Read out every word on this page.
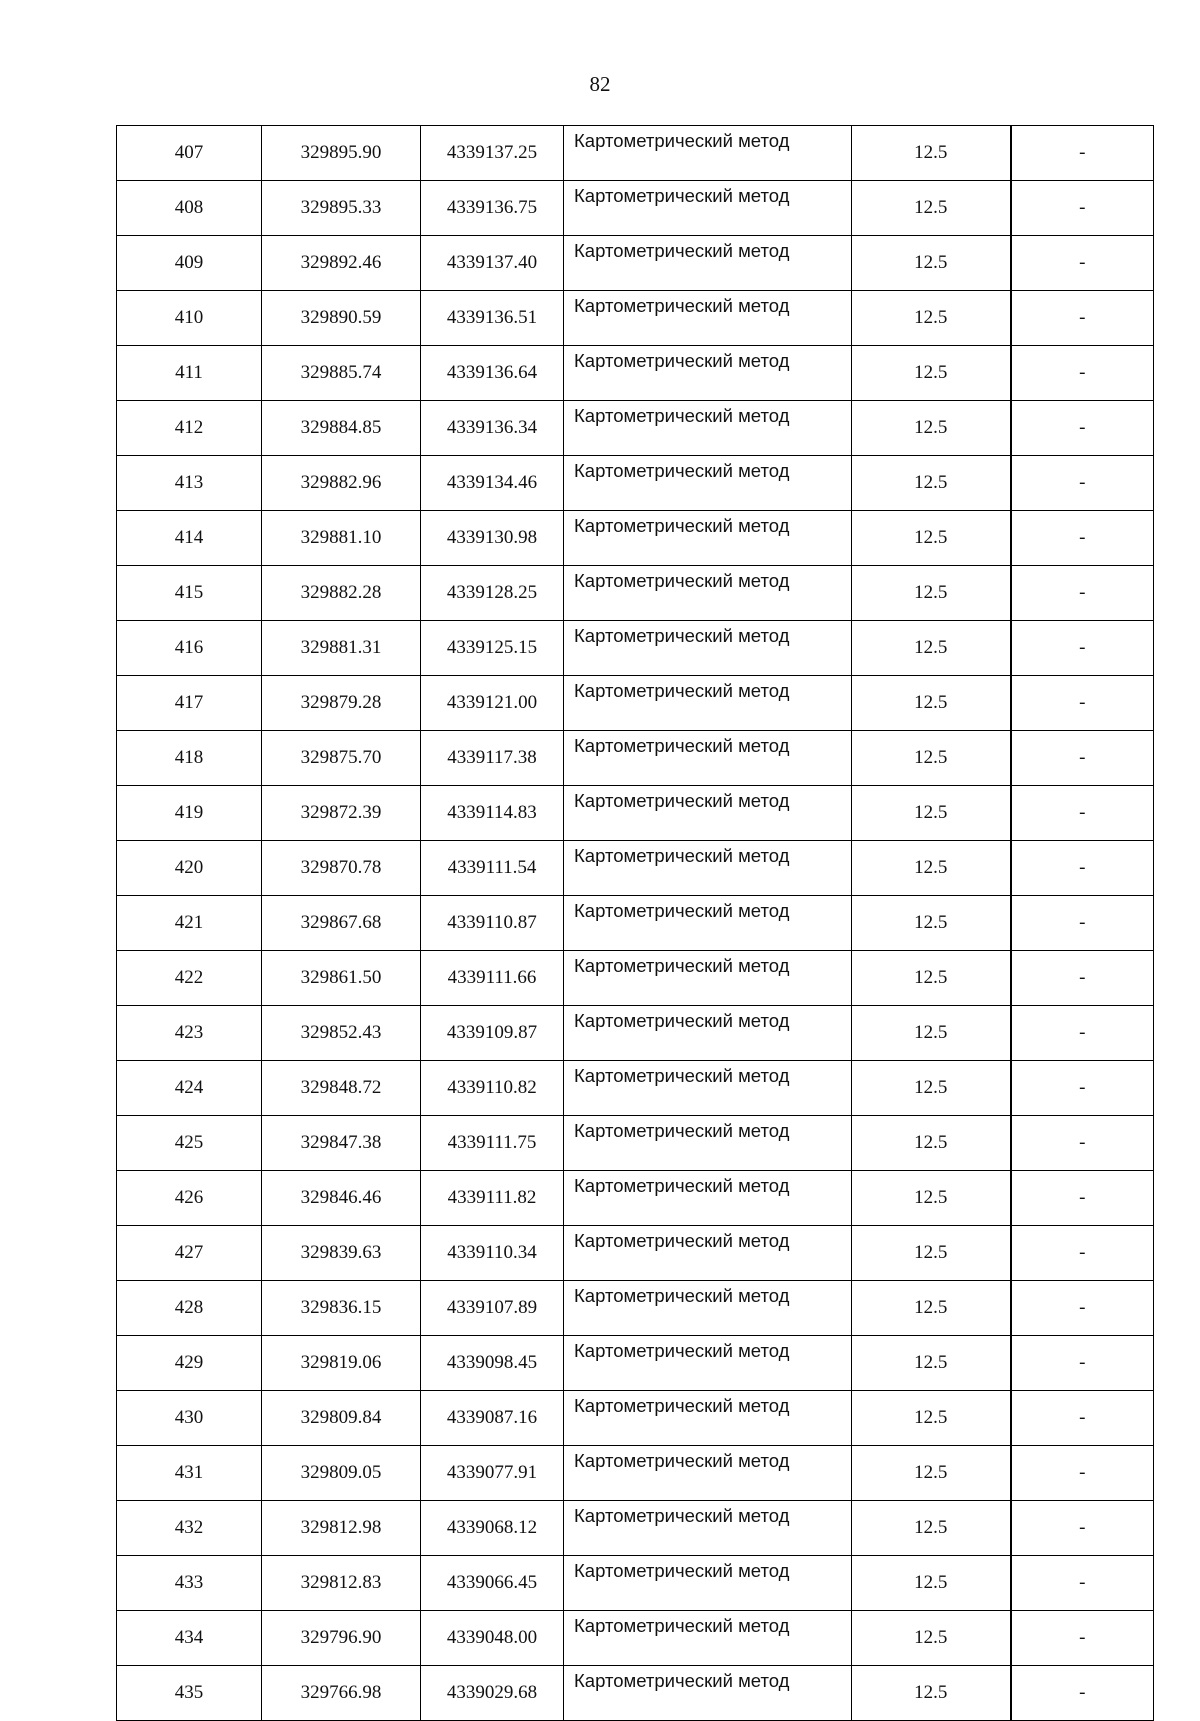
82
407	329895.90	4339137.25	Картометрический метод	12.5	-
408	329895.33	4339136.75	Картометрический метод	12.5	-
409	329892.46	4339137.40	Картометрический метод	12.5	-
410	329890.59	4339136.51	Картометрический метод	12.5	-
411	329885.74	4339136.64	Картометрический метод	12.5	-
412	329884.85	4339136.34	Картометрический метод	12.5	-
413	329882.96	4339134.46	Картометрический метод	12.5	-
414	329881.10	4339130.98	Картометрический метод	12.5	-
415	329882.28	4339128.25	Картометрический метод	12.5	-
416	329881.31	4339125.15	Картометрический метод	12.5	-
417	329879.28	4339121.00	Картометрический метод	12.5	-
418	329875.70	4339117.38	Картометрический метод	12.5	-
419	329872.39	4339114.83	Картометрический метод	12.5	-
420	329870.78	4339111.54	Картометрический метод	12.5	-
421	329867.68	4339110.87	Картометрический метод	12.5	-
422	329861.50	4339111.66	Картометрический метод	12.5	-
423	329852.43	4339109.87	Картометрический метод	12.5	-
424	329848.72	4339110.82	Картометрический метод	12.5	-
425	329847.38	4339111.75	Картометрический метод	12.5	-
426	329846.46	4339111.82	Картометрический метод	12.5	-
427	329839.63	4339110.34	Картометрический метод	12.5	-
428	329836.15	4339107.89	Картометрический метод	12.5	-
429	329819.06	4339098.45	Картометрический метод	12.5	-
430	329809.84	4339087.16	Картометрический метод	12.5	-
431	329809.05	4339077.91	Картометрический метод	12.5	-
432	329812.98	4339068.12	Картометрический метод	12.5	-
433	329812.83	4339066.45	Картометрический метод	12.5	-
434	329796.90	4339048.00	Картометрический метод	12.5	-
435	329766.98	4339029.68	Картометрический метод	12.5	-
